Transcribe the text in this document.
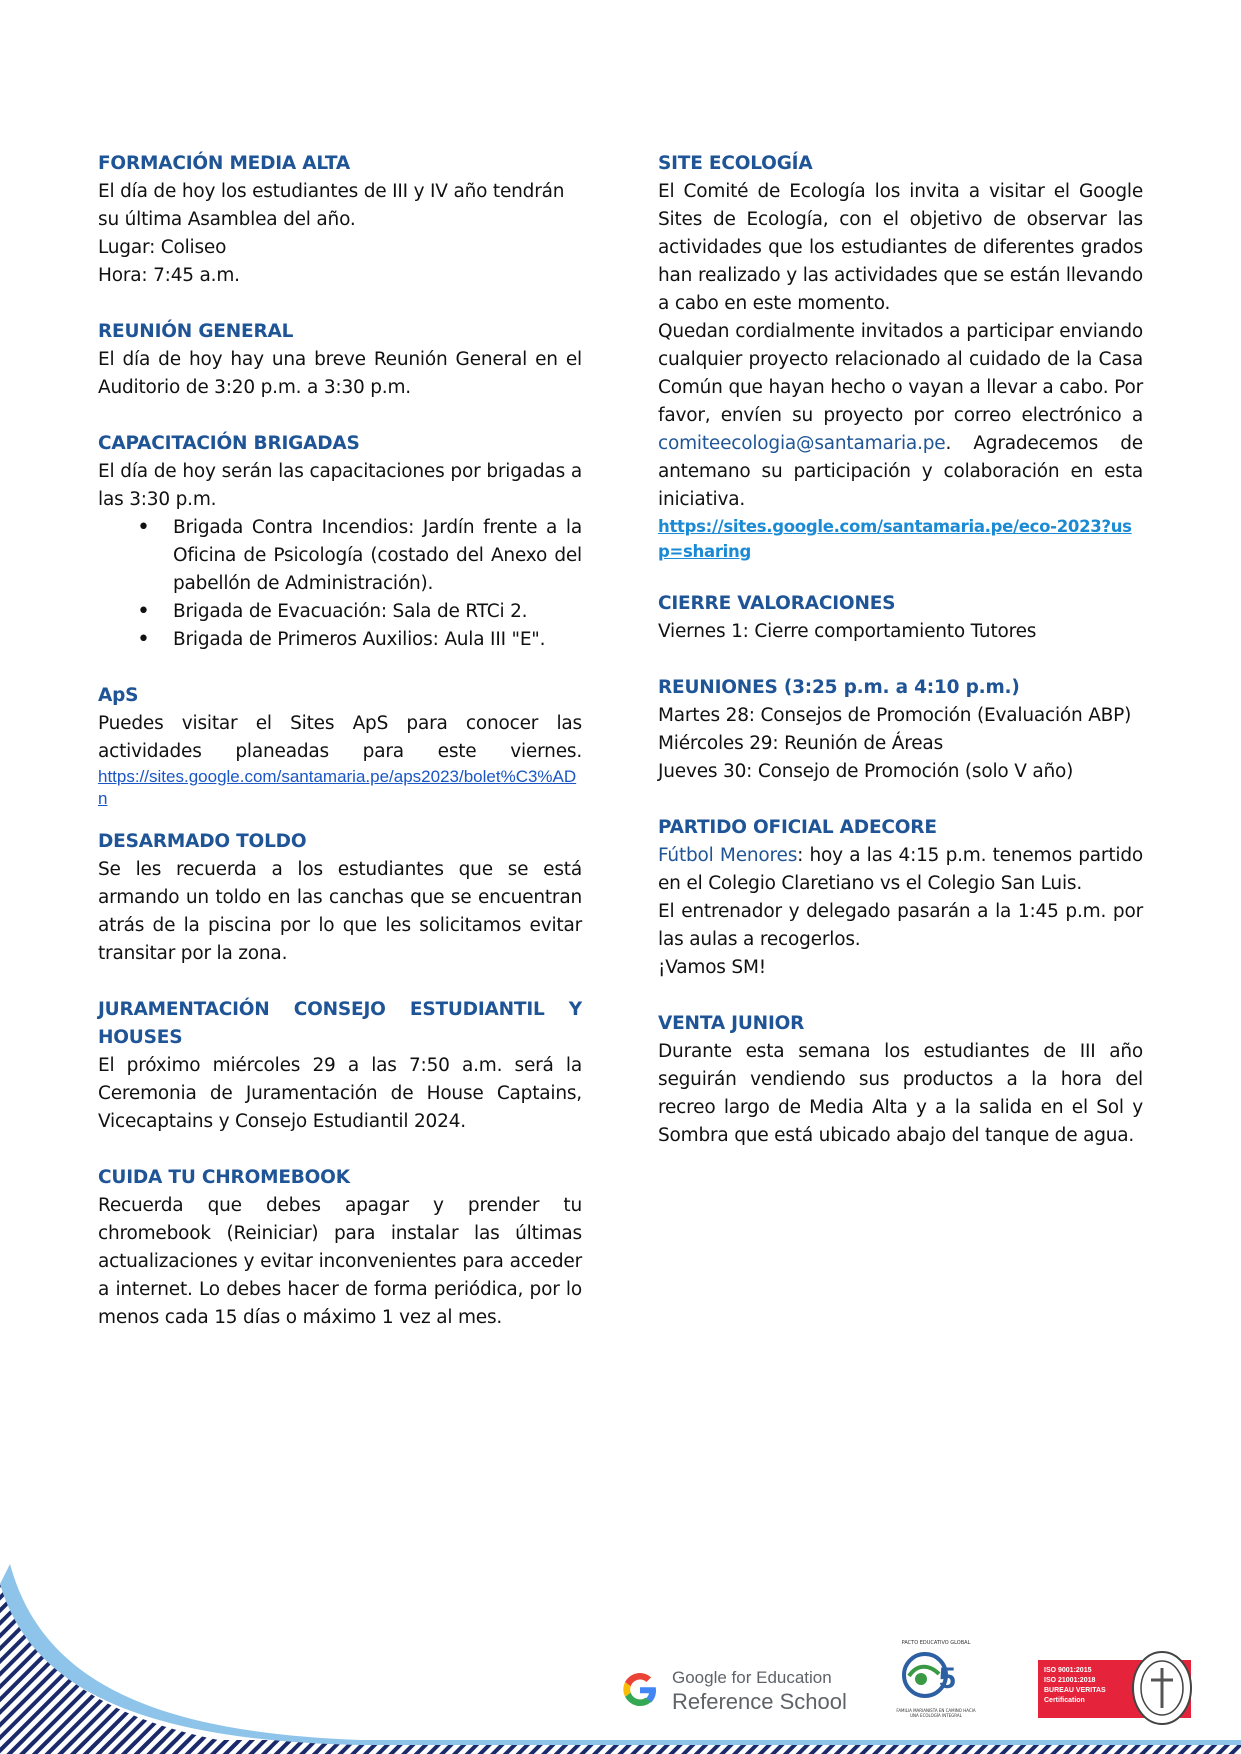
FORMACIÓN MEDIA ALTA

El día de hoy los estudiantes de III y IV año tendrán su última Asamblea del año.

Lugar: Coliseo

Hora: 7:45 a.m.

REUNIÓN GENERAL

El día de hoy hay una breve Reunión General en el Auditorio de 3:20 p.m. a 3:30 p.m.

CAPACITACIÓN BRIGADAS

El día de hoy serán las capacitaciones por brigadas a las 3:30 p.m.

• Brigada Contra Incendios: Jardín frente a la Oficina de Psicología (costado del Anexo del pabellón de Administración).
• Brigada de Evacuación: Sala de RTCi 2.
• Brigada de Primeros Auxilios: Aula III "E".
ApS

Puedes visitar el Sites ApS para conocer las actividades planeadas para este viernes.

https://sites.google.com/santamaria.pe/aps2023/bolet%C3%ADn
DESARMADO TOLDO

Se les recuerda a los estudiantes que se está armando un toldo en las canchas que se encuentran atrás de la piscina por lo que les solicitamos evitar transitar por la zona.

JURAMENTACIÓN CONSEJO ESTUDIANTIL Y
HOUSES

El próximo miércoles 29 a las 7:50 a.m. será la Ceremonia de Juramentación de House Captains, Vicecaptains y Consejo Estudiantil 2024.

CUIDA TU CHROMEBOOK

Recuerda que debes apagar y prender tu chromebook (Reiniciar) para instalar las últimas actualizaciones y evitar inconvenientes para acceder a internet. Lo debes hacer de forma periódica, por lo menos cada 15 días o máximo 1 vez al mes.

SITE ECOLOGÍA

El Comité de Ecología los invita a visitar el Google Sites de Ecología, con el objetivo de observar las actividades que los estudiantes de diferentes grados han realizado y las actividades que se están llevando a cabo en este momento.

Quedan cordialmente invitados a participar enviando cualquier proyecto relacionado al cuidado de la Casa Común que hayan hecho o vayan a llevar a cabo. Por favor, envíen su proyecto por correo electrónico a comiteecologia@santamaria.pe. Agradecemos de antemano su participación y colaboración en esta iniciativa.

https://sites.google.com/santamaria.pe/eco-2023?usp=sharing
CIERRE VALORACIONES

Viernes 1: Cierre comportamiento Tutores

REUNIONES (3:25 p.m. a 4:10 p.m.)

Martes 28: Consejos de Promoción (Evaluación ABP)

Miércoles 29: Reunión de Áreas

Jueves 30: Consejo de Promoción (solo V año)

PARTIDO OFICIAL ADECORE

Fútbol Menores: hoy a las 4:15 p.m. tenemos partido en el Colegio Claretiano vs el Colegio San Luis.

El entrenador y delegado pasarán a la 1:45 p.m. por las aulas a recogerlos.

¡Vamos SM!

VENTA JUNIOR

Durante esta semana los estudiantes de III año seguirán vendiendo sus productos a la hora del recreo largo de Media Alta y a la salida en el Sol y Sombra que está ubicado abajo del tanque de agua.

Google for Education
Reference School
PACTO EDUCATIVO GLOBAL
5
FAMILIA MARIANISTA EN CAMINO HACIA UNA ECOLOGÍA INTEGRAL
ISO 9001:2015
ISO 21001:2018
BUREAU VERITAS
Certification
